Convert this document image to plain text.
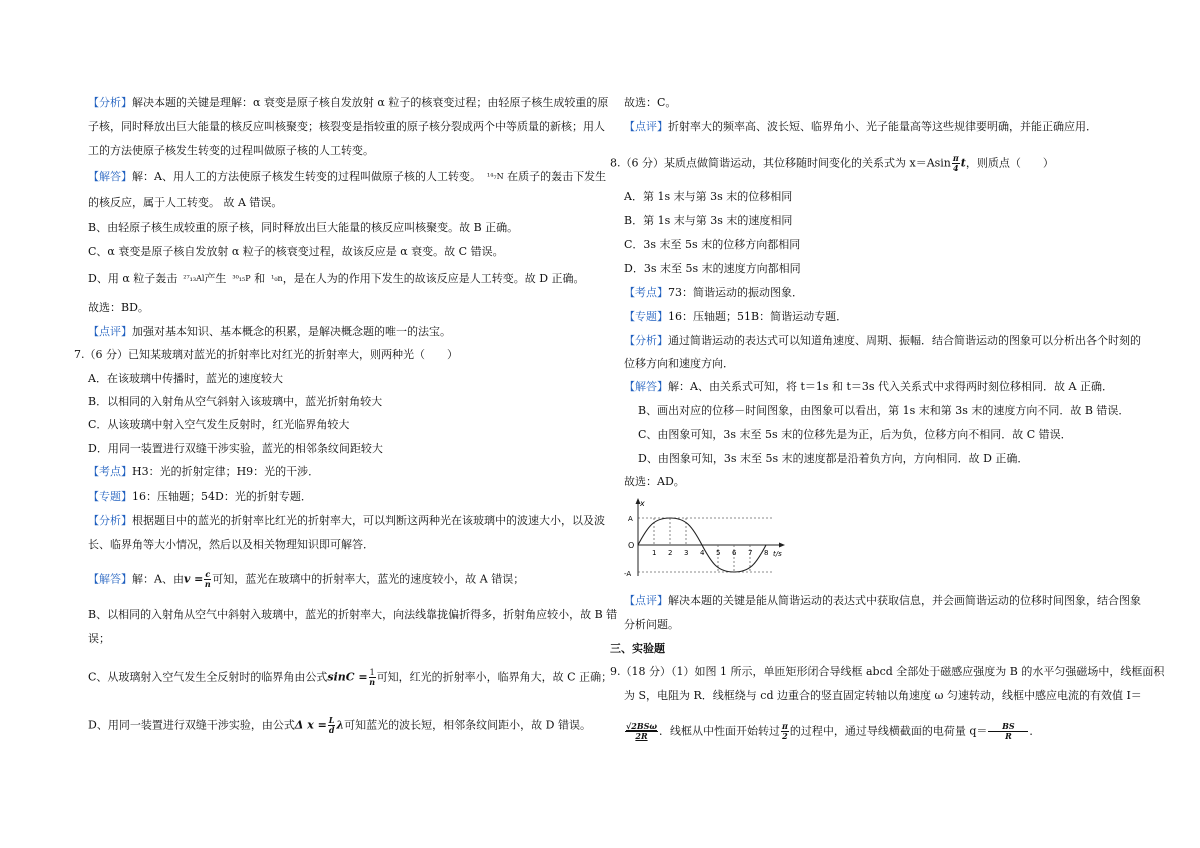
【分析】解决本题的关键是理解：α 衰变是原子核自发放射 α 粒子的核衰变过程；由轻原子核生成较重的原
子核，同时释放出巨大能量的核反应叫核聚变；核裂变是指较重的原子核分裂成两个中等质量的新核；用人
工的方法使原子核发生转变的过程叫做原子核的人工转变。
【解答】解：A、用人工的方法使原子核发生转变的过程叫做原子核的人工转变。 ¹⁴₇N 在质子的轰击下发生
的核反应，属于人工转变。 故 A 错误。
B、由轻原子核生成较重的原子核，同时释放出巨大能量的核反应叫核聚变。故 B 正确。
C、α 衰变是原子核自发放射 α 粒子的核衰变过程，故该反应是 α 衰变。故 C 错误。
D、用 α 粒子轰击 ²⁷₁₃Al产生 ³⁰₁₅P 和 ¹₀n，是在人为的作用下发生的故该反应是人工转变。故 D 正确。
故选：BD。
【点评】加强对基本知识、基本概念的积累，是解决概念题的唯一的法宝。
7.（6 分）已知某玻璃对蓝光的折射率比对红光的折射率大，则两种光（　　）
A．在该玻璃中传播时，蓝光的速度较大
B．以相同的入射角从空气斜射入该玻璃中，蓝光折射角较大
C．从该玻璃中射入空气发生反射时，红光临界角较大
D．用同一装置进行双缝干涉实验，蓝光的相邻条纹间距较大
【考点】H3：光的折射定律；H9：光的干涉．
【专题】16：压轴题；54D：光的折射专题．
【分析】根据题目中的蓝光的折射率比红光的折射率大，可以判断这两种光在该玻璃中的波速大小，以及波
长、临界角等大小情况，然后以及相关物理知识即可解答．
【解答】解：A、由$v = \frac{c}{n}$ 可知，蓝光在玻璃中的折射率大，蓝光的速度较小，故 A 错误；
B、以相同的入射角从空气中斜射入玻璃中，蓝光的折射率大，向法线靠拢偏折得多，折射角应较小，故 B 错
误；
C、从玻璃射入空气发生全反射时的临界角由公式$\sin C = \frac{1}{n}$ 可知，红光的折射率小，临界角大，故 C 正确；
D、用同一装置进行双缝干涉实验，由公式Δ $x = \frac{L}{d}$ λ可知蓝光的波长短，相邻条纹间距小，故 D 错误。
故选：C。
【点评】折射率大的频率高、波长短、临界角小、光子能量高等这些规律要明确，并能正确应用．
8.（6 分）某质点做简谐运动，其位移随时间变化的关系式为 $x=Asin \frac{\pi}{4}$ t，则质点（　　）
A．第 1s 末与第 3s 末的位移相同
B．第 1s 末与第 3s 末的速度相同
C．3s 末至 5s 末的位移方向都相同
D．3s 末至 5s 末的速度方向都相同
【考点】73：简谐运动的振动图象．
【专题】16：压轴题；51B：简谐运动专题．
【分析】通过简谐运动的表达式可以知道角速度、周期、振幅．结合简谐运动的图象可以分析出各个时刻的
位移方向和速度方向．
【解答】解：A、由关系式可知，将 t＝1s 和 t＝3s 代入关系式中求得两时刻位移相同．故 A 正确．
B、画出对应的位移－时间图象，由图象可以看出，第 1s 末和第 3s 末的速度方向不同．故 B 错误．
C、由图象可知，3s 末至 5s 末的位移先是为正，后为负，位移方向不相同．故 C 错误．
D、由图象可知，3s 末至 5s 末的速度都是沿着负方向，方向相同．故 D 正确．
故选：AD。
x
A
O
-A
t/s
1 2 3 4 5 6 7 8
【点评】解决本题的关键是能从简谐运动的表达式中获取信息，并会画简谐运动的位移时间图象，结合图象
分析问题。
三、实验题
9.（18 分）（1）如图 1 所示，单匝矩形闭合导线框 abcd 全部处于磁感应强度为 B 的水平匀强磁场中，线框面积
为 S，电阻为 R．线框绕与 cd 边重合的竖直固定转轴以角速度 ω 匀速转动，线框中感应电流的有效值 I＝
$\frac{\text{√2BSω}}{2R}$ ．线框从中性面开始转过 $\frac{\pi}{2}$ 的过程中，通过导线横截面的电荷量 $q= \frac{BS}{R}$ ．
